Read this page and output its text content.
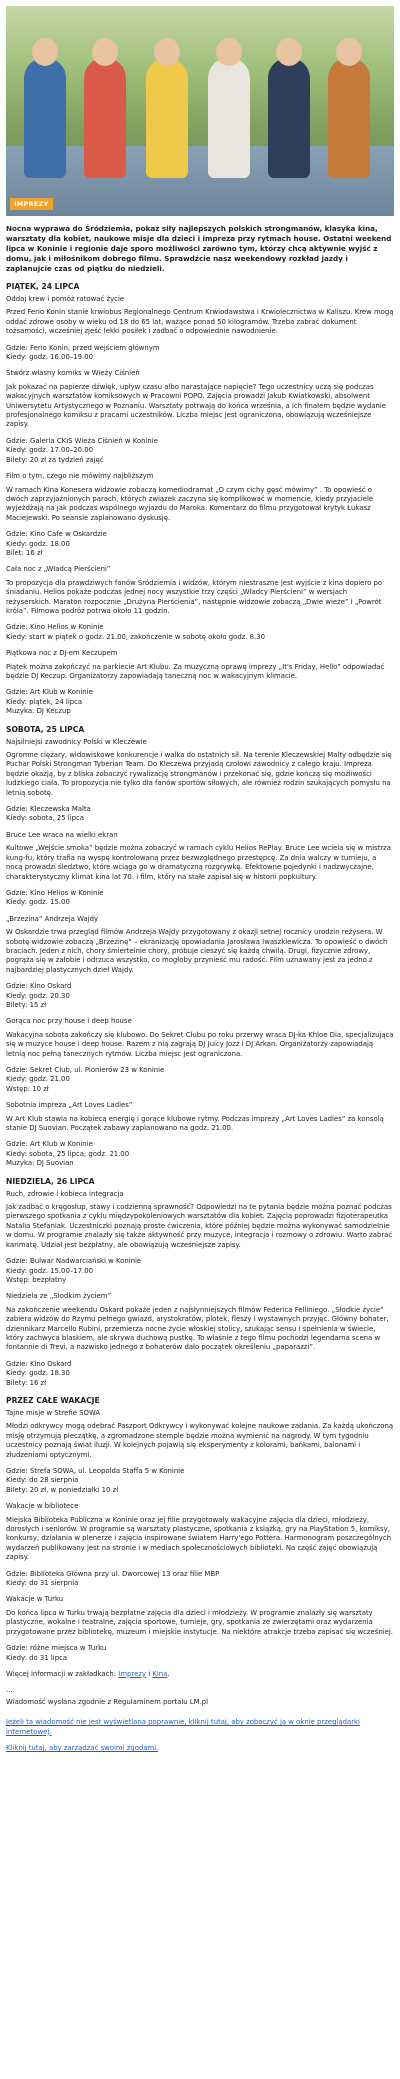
IMPREZY

Nocna wyprawa do Śródziemia, pokaz siły najlepszych polskich strongmanów, klasyka kina, warsztaty dla kobiet, naukowe misje dla dzieci i impreza przy rytmach house. Ostatni weekend lipca w Koninie i regionie daje sporo możliwości zarówno tym, którzy chcą aktywnie wyjść z domu, jak i miłośnikom dobrego filmu. Sprawdźcie nasz weekendowy rozkład jazdy i zaplanujcie czas od piątku do niedzieli.

PIĄTEK, 24 LIPCA

Oddaj krew i pomóż ratować życie

Przed Ferio Konin stanie krwiobus Regionalnego Centrum Krwiodawstwa i Krwiolecznictwa w Kaliszu. Krew mogą oddać zdrowe osoby w wieku od 18 do 65 lat, ważące ponad 50 kilogramów. Trzeba zabrać dokument tożsamości, wcześniej zjeść lekki posiłek i zadbać o odpowiednie nawodnienie.

Gdzie: Ferio Konin, przed wejściem głównym
Kiedy: godz. 16.00–19.00

Stwórz własny komiks w Wieży Ciśnień

Jak pokazać na papierze dźwięk, upływ czasu albo narastające napięcie? Tego uczestnicy uczą się podczas wakacyjnych warsztatów komiksowych w Pracowni POPO. Zajęcia prowadzi Jakub Kwiatkowski, absolwent Uniwersytetu Artystycznego w Poznaniu. Warsztaty potrwają do końca września, a ich finałem będzie wydanie profesjonalnego komiksu z pracami uczestników. Liczba miejsc jest ograniczona, obowiązują wcześniejsze zapisy.

Gdzie: Galeria CKiS Wieża Ciśnień w Koninie
Kiedy: godz. 17.00–20.00
Bilety: 20 zł za tydzień zajęć

Film o tym, czego nie mówimy najbliższym

W ramach Kina Konesera widzowie zobaczą komediodramat „O czym cichy gęsć mówimy” . To opowieść o dwóch zaprzyjaźnionych parach, których związek zaczyna się komplikować w momencie, kiedy przyjaciele wyjeżdżają na jak podczas wspólnego wyjazdu do Maroka. Komentarz do filmu przygotował krytyk Łukasz Maciejewski. Po seansie zaplanowano dyskusję.

Gdzie: Kino Cafe w Oskardzie
Kiedy: godz. 18.00
Bilet: 16 zł

Cała noc z „Władcą Pierścieni”

To propozycja dla prawdziwych fanów Śródziemia i widzów, którym niestraszne jest wyjście z kina dopiero po śniadaniu. Helios pokaże podczas jednej nocy wszystkie trzy części „Władcy Pierścieni” w wersjach reżyserskich. Maraton rozpocznie „Drużyna Pierścienia”, następnie widzowie zobaczą „Dwie wieże” i „Powrót króla”. Filmowa podróż potrwa około 11 godzin.

Gdzie: Kino Helios w Koninie
Kiedy: start w piątek o godz. 21.00, zakończenie w sobotę około godz. 8.30

Piątkowa noc z DJ-em Keczupem

Piątek można zakończyć na parkiecie Art Klubu. Za muzyczną oprawę imprezy „It's Friday, Hello” odpowiadać będzie DJ Keczup. Organizatorzy zapowiadają taneczną noc w wakacyjnym klimacie.

Gdzie: Art Klub w Koninie
Kiedy: piątek, 24 lipca
Muzyka: DJ Keczup

SOBOTA, 25 LIPCA

Najsilniejsi zawodnicy Polski w Kleczewie

Ogromne ciężary, widowiskowe konkurencje i walka do ostatnich sił. Na terenie Kleczewskiej Malty odbędzie się Puchar Polski Strongman Tyberian Team. Do Kleczewa przyjadą czołowi zawodnicy z całego kraju. Impreza będzie okazją, by z bliska zobaczyć rywalizację strongmanów i przekonać się, gdzie kończą się możliwości ludzkiego ciała. To propozycja nie tylko dla fanów sportów siłowych, ale również rodzin szukających pomysłu na letnią sobotę.

Gdzie: Kleczewska Malta
Kiedy: sobota, 25 lipca

Bruce Lee wraca na wielki ekran

Kultowe „Wejście smoka” będzie można zobaczyć w ramach cyklu Helios RePlay. Bruce Lee wciela się w mistrza kung-fu, który trafia na wyspę kontrolowaną przez bezwzględnego przestępcę. Za dnia walczy w turnieju, a nocą prowadzi śledztwo, które wciąga go w dramatyczną rozgrywkę. Efektowne pojedynki i nadzwyczajne, charakterystyczny klimat kina lat 70. i film, który na stałe zapisał się w historii popkultury.

Gdzie: Kino Helios w Koninie
Kiedy: godz. 15.00

„Brzezina” Andrzeja Wajdy

W Oskardzie trwa przegląd filmów Andrzeja Wajdy przygotowany z okazji setnej rocznicy urodzin reżysera. W sobotę widzowie zobaczą „Brzezinę” – ekranizację opowiadania Jarosława Iwaszkiewicza. To opowieść o dwóch braciach. Jeden z nich, chory śmiertelnie chory, próbuje cieszyć się każdą chwilą. Drugi, fizycznie zdrowy, pogrąża się w żałobie i odrzuca wszystko, co mogłoby przynieść mu radość. Film uznawany jest za jedno z najbardziej plastycznych dzieł Wajdy.

Gdzie: Kino Oskard
Kiedy: godz. 20.30
Bilety: 15 zł

Gorąca noc przy house i deep house

Wakacyjna sobota zakończy się klubowo. Do Sekret Clubu po roku przerwy wraca DJ-ka Khloe Dia, specjalizująca się w muzyce house i deep house. Razem z nią zagrają DJ Juicy Jozz i DJ Arkan. Organizatorzy zapowiadają letnią noc pełną tanecznych rytmów. Liczba miejsc jest ograniczona.

Gdzie: Sekret Club, ul. Pionierów 23 w Koninie
Kiedy: godz. 21.00
Wstęp: 10 zł

Sobotnia impreza „Art Loves Ladies”

W Art Klub stawia na kobiecą energię i gorące klubowe rytmy. Podczas imprezy „Art Loves Ladies” za konsolą stanie DJ Suovian. Początek zabawy zaplanowano na godz. 21.00.

Gdzie: Art Klub w Koninie
Kiedy: sobota, 25 lipca, godz. 21.00
Muzyka: DJ Suovian

NIEDZIELA, 26 LIPCA

Ruch, zdrowie i kobieca integracja

Jak zadbać o kręgosłup, stawy i codzienną sprawność? Odpowiedzi na te pytania będzie można poznać podczas pierwszego spotkania z cyklu międzypokoleniowych warsztatów dla kobiet. Zajęcia poprowadzi fizjoterapeutka Natalia Stefaniak. Uczestniczki poznają proste ćwiczenia, które później będzie można wykonywać samodzielnie w domu. W programie znalazły się także aktywność przy muzyce, integracja i rozmowy o zdrowiu. Warto zabrać karimatę. Udział jest bezpłatny, ale obowiązują wcześniejsze zapisy.

Gdzie: Bulwar Nadwarciański w Koninie
Kiedy: godz. 15.00–17.00
Wstęp: bezpłatny

Niedziela ze „Słodkim życiem”

Na zakończenie weekendu Oskard pokaże jeden z najsłynniejszych filmów Federica Felliniego. „Słodkie życie” zabiera widzów do Rzymu pełnego gwiazd, arystokratów, plotek, fleszy i wystawnych przyjęć. Główny bohater, dziennikarz Marcello Rubini, przemierza nocne życie włoskiej stolicy, szukając sensu i spełnienia w świecie, który zachwyca blaskiem, ale skrywa duchową pustkę. To właśnie z tego filmu pochodzi legendarna scena w fontannie di Trevi, a nazwisko jednego z bohaterów dało początek określeniu „paparazzi”.

Gdzie: Kino Oskard
Kiedy: godz. 18.30
Bilety: 16 zł

PRZEZ CAŁE WAKACJE

Tajne misje w Strefie SOWA

Młodzi odkrywcy mogą odebrać Paszport Odkrywcy i wykonywać kolejne naukowe zadania. Za każdą ukończoną misję otrzymują pieczątkę, a zgromadzone stemple będzie można wymienić na nagrody. W tym tygodniu uczestnicy poznają świat iluzji. W kolejnych pojawią się eksperymenty z kolorami, bańkami, balonami i złudzeniami optycznymi.

Gdzie: Strefa SOWA, ul. Leopolda Staffa 5 w Koninie
Kiedy: do 28 sierpnia
Bilety: 20 zł, w poniedziałki 10 zł

Wakacje w bibliotece

Miejska Biblioteka Publiczna w Koninie oraz jej filie przygotowały wakacyjne zajęcia dla dzieci, młodzieży, dorosłych i seniorów. W programie są warsztaty plastyczne, spotkania z książką, gry na PlayStation 5, komiksy, konkursy, działania w plenerze i zajęcia inspirowane światem Harry'ego Pottera. Harmonogram poszczególnych wydarzeń publikowany jest na stronie i w mediach społecznościowych biblioteki. Na część zajęć obowiązują zapisy.

Gdzie: Biblioteka Główna przy ul. Dworcowej 13 oraz filie MBP
Kiedy: do 31 sierpnia

Wakacje w Turku

Do końca lipca w Turku trwają bezpłatne zajęcia dla dzieci i młodzieży. W programie znalazły się warsztaty plastyczne, wokalne i teatralne, zajęcia sportowe, turnieje, gry, spotkania ze zwierzętami oraz wydarzenia przygotowane przez bibliotekę, muzeum i miejskie instytucje. Na niektóre atrakcje trzeba zapisać się wcześniej.

Gdzie: różne miejsca w Turku
Kiedy: do 31 lipca

Więcej informacji w zakładkach: Imprezy i Kina.

...

Wiadomość wysłana zgodnie z Regulaminem portalu LM.pl

Jeżeli ta wiadomość nie jest wyświetlana poprawnie, kliknij tutaj, aby zobaczyć ją w oknie przeglądarki internetowej.

Kliknij tutaj, aby zarządzać swoimi zgodami.
